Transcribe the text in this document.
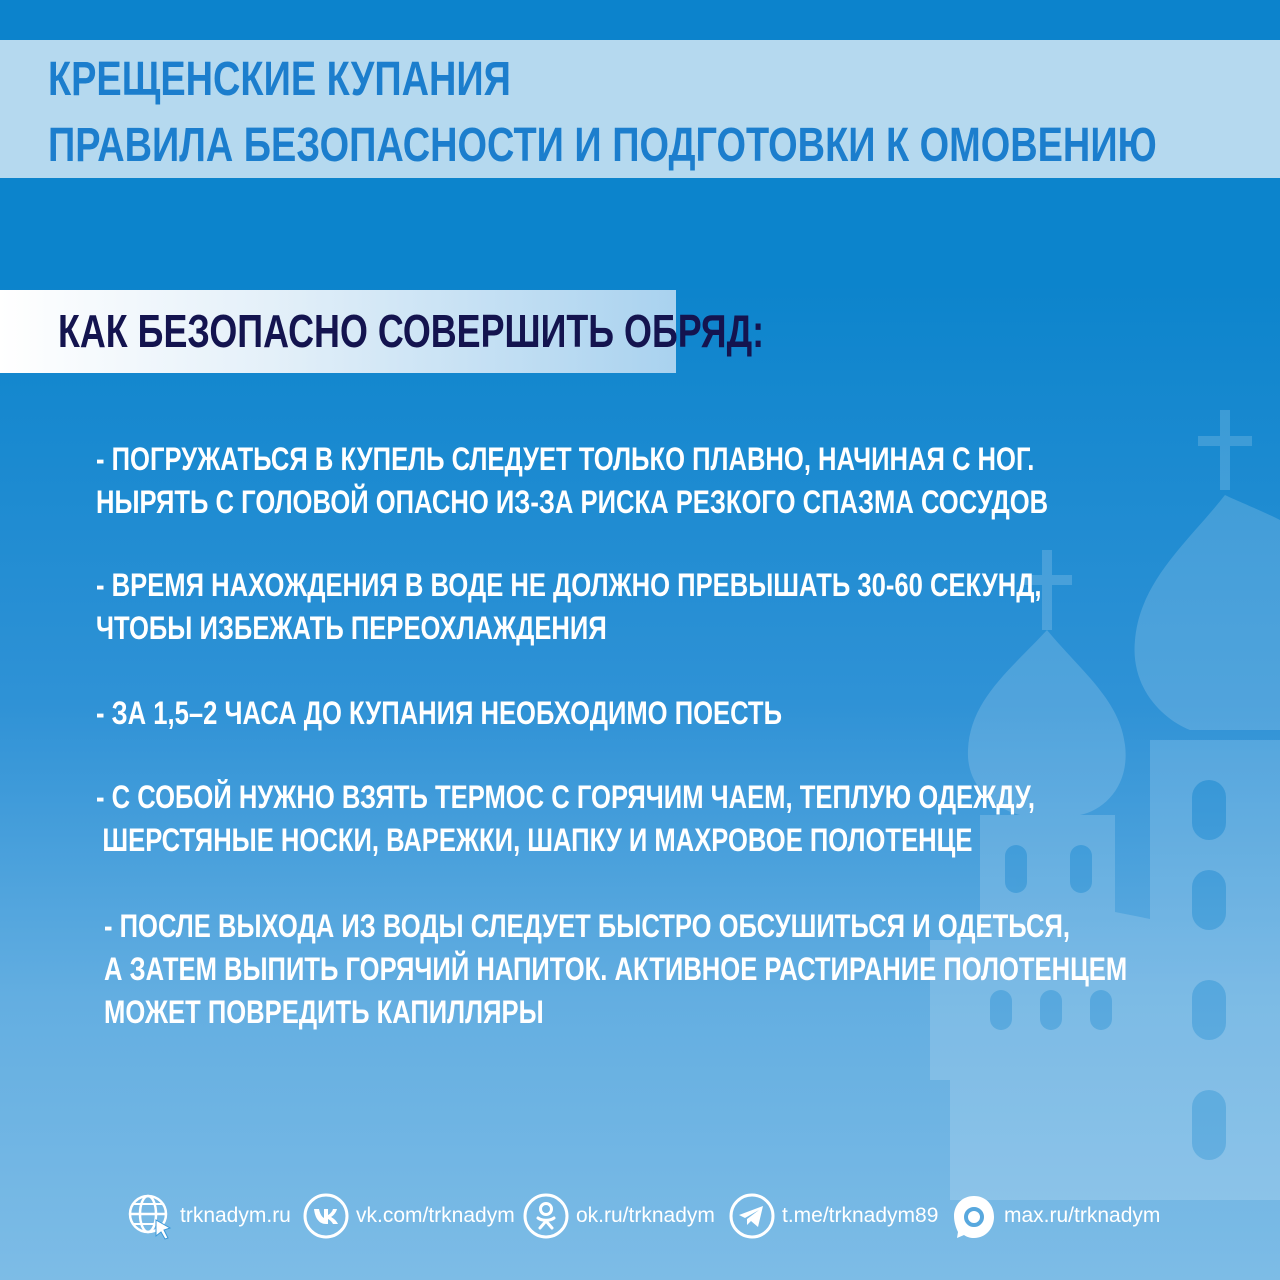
КРЕЩЕНСКИЕ КУПАНИЯ
ПРАВИЛА БЕЗОПАСНОСТИ И ПОДГОТОВКИ К ОМОВЕНИЮ
КАК БЕЗОПАСНО СОВЕРШИТЬ ОБРЯД:
- ПОГРУЖАТЬСЯ В КУПЕЛЬ СЛЕДУЕТ ТОЛЬКО ПЛАВНО, НАЧИНАЯ С НОГ.
НЫРЯТЬ С ГОЛОВОЙ ОПАСНО ИЗ-ЗА РИСКА РЕЗКОГО СПАЗМА СОСУДОВ
- ВРЕМЯ НАХОЖДЕНИЯ В ВОДЕ НЕ ДОЛЖНО ПРЕВЫШАТЬ 30-60 СЕКУНД,
ЧТОБЫ ИЗБЕЖАТЬ ПЕРЕОХЛАЖДЕНИЯ
- ЗА 1,5–2 ЧАСА ДО КУПАНИЯ НЕОБХОДИМО ПОЕСТЬ
- С СОБОЙ НУЖНО ВЗЯТЬ ТЕРМОС С ГОРЯЧИМ ЧАЕМ, ТЕПЛУЮ ОДЕЖДУ,
ШЕРСТЯНЫЕ НОСКИ, ВАРЕЖКИ, ШАПКУ И МАХРОВОЕ ПОЛОТЕНЦЕ
- ПОСЛЕ ВЫХОДА ИЗ ВОДЫ СЛЕДУЕТ БЫСТРО ОБСУШИТЬСЯ И ОДЕТЬСЯ,
А ЗАТЕМ ВЫПИТЬ ГОРЯЧИЙ НАПИТОК. АКТИВНОЕ РАСТИРАНИЕ ПОЛОТЕНЦЕМ
МОЖЕТ ПОВРЕДИТЬ КАПИЛЛЯРЫ
trknadym.ru	vk.com/trknadym	ok.ru/trknadym	t.me/trknadym89	max.ru/trknadym
